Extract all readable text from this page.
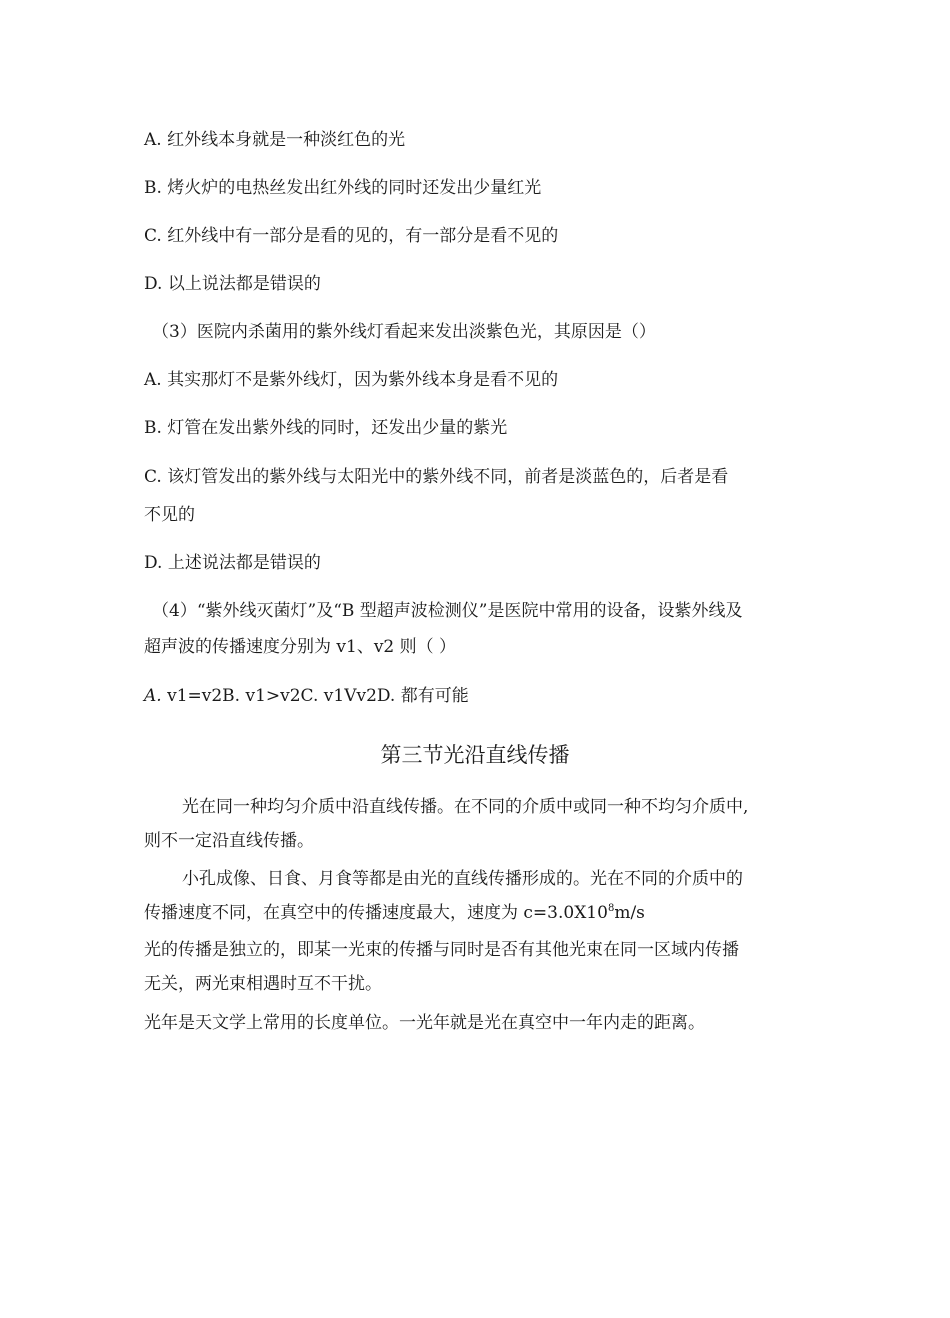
A. 红外线本身就是一种淡红色的光
B. 烤火炉的电热丝发出红外线的同时还发出少量红光
C. 红外线中有一部分是看的见的，有一部分是看不见的
D. 以上说法都是错误的
（3）医院内杀菌用的紫外线灯看起来发出淡紫色光，其原因是（）
A. 其实那灯不是紫外线灯，因为紫外线本身是看不见的
B. 灯管在发出紫外线的同时，还发出少量的紫光
C. 该灯管发出的紫外线与太阳光中的紫外线不同，前者是淡蓝色的，后者是看
不见的
D. 上述说法都是错误的
（4）“紫外线灭菌灯”及“B 型超声波检测仪”是医院中常用的设备，设紫外线及
超声波的传播速度分别为 v1、v2 则（ ）
A. v1=v2B. v1>v2C. v1Vv2D. 都有可能
第三节光沿直线传播
光在同一种均匀介质中沿直线传播。在不同的介质中或同一种不均匀介质中,
则不一定沿直线传播。
小孔成像、日食、月食等都是由光的直线传播形成的。光在不同的介质中的
传播速度不同，在真空中的传播速度最大，速度为 $c=3.0X10^8m/s$
光的传播是独立的，即某一光束的传播与同时是否有其他光束在同一区域内传播
无关，两光束相遇时互不干扰。
光年是天文学上常用的长度单位。一光年就是光在真空中一年内走的距离。
